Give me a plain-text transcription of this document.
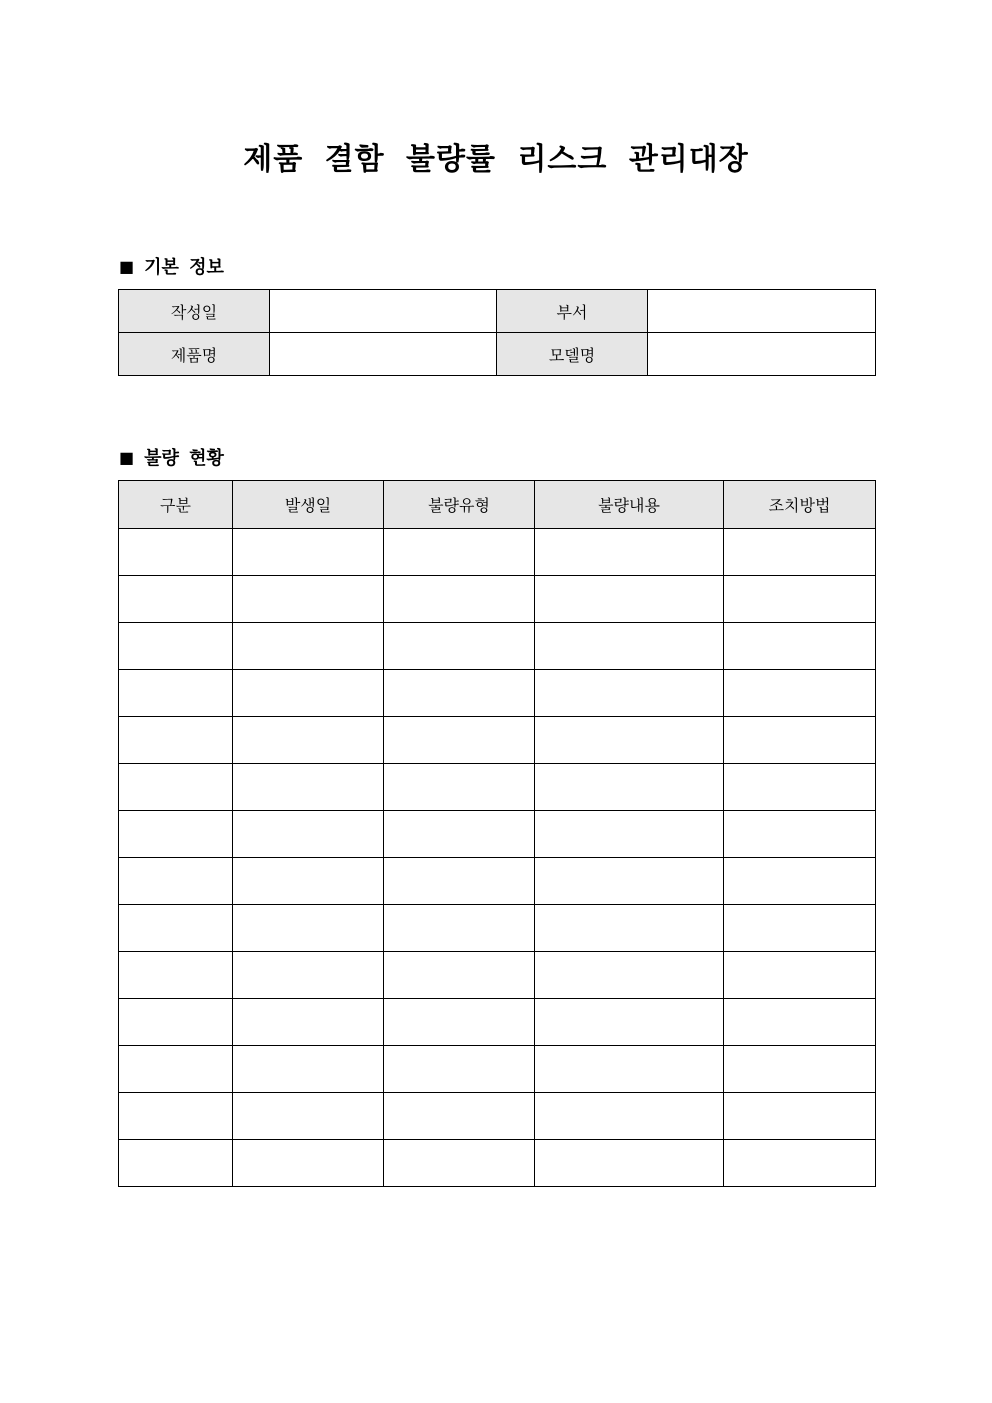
제품 결함 불량률 리스크 관리대장
■ 기본 정보
작성일		부서	
제품명		모델명	
■ 불량 현황
구분	발생일	불량유형	불량내용	조치방법
